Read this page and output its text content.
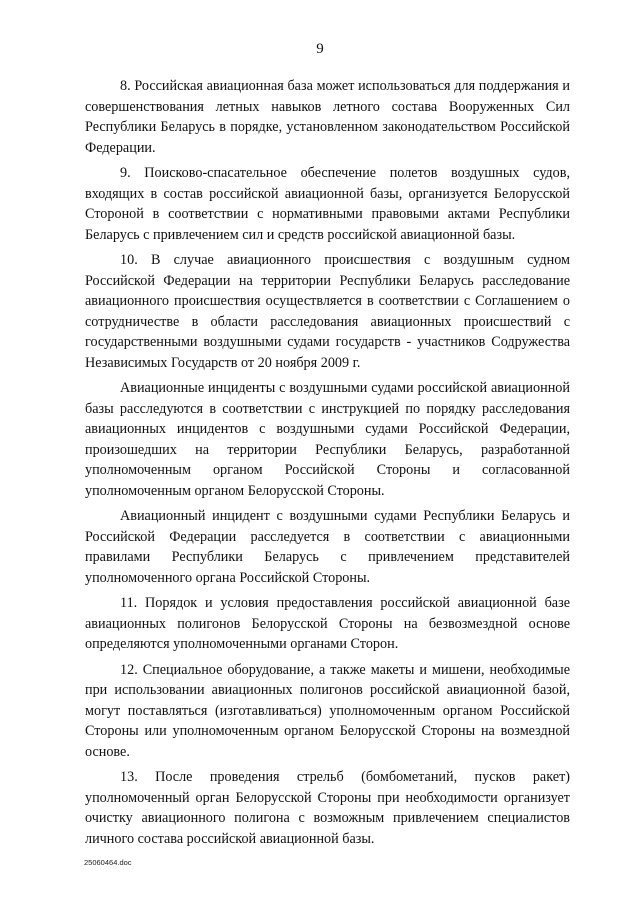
9

8. Российская авиационная база может использоваться для поддержания и совершенствования летных навыков летного состава Вооруженных Сил Республики Беларусь в порядке, установленном законодательством Российской Федерации.

9. Поисково-спасательное обеспечение полетов воздушных судов, входящих в состав российской авиационной базы, организуется Белорусской Стороной в соответствии с нормативными правовыми актами Республики Беларусь с привлечением сил и средств российской авиационной базы.

10. В случае авиационного происшествия с воздушным судном Российской Федерации на территории Республики Беларусь расследование авиационного происшествия осуществляется в соответствии с Соглашением о сотрудничестве в области расследования авиационных происшествий с государственными воздушными судами государств - участников Содружества Независимых Государств от 20 ноября 2009 г.

Авиационные инциденты с воздушными судами российской авиационной базы расследуются в соответствии с инструкцией по порядку расследования авиационных инцидентов с воздушными судами Российской Федерации, произошедших на территории Республики Беларусь, разработанной уполномоченным органом Российской Стороны и согласованной уполномоченным органом Белорусской Стороны.

Авиационный инцидент с воздушными судами Республики Беларусь и Российской Федерации расследуется в соответствии с авиационными правилами Республики Беларусь с привлечением представителей уполномоченного органа Российской Стороны.

11. Порядок и условия предоставления российской авиационной базе авиационных полигонов Белорусской Стороны на безвозмездной основе определяются уполномоченными органами Сторон.

12. Специальное оборудование, а также макеты и мишени, необходимые при использовании авиационных полигонов российской авиационной базой, могут поставляться (изготавливаться) уполномоченным органом Российской Стороны или уполномоченным органом Белорусской Стороны на возмездной основе.

13. После проведения стрельб (бомбометаний, пусков ракет) уполномоченный орган Белорусской Стороны при необходимости организует очистку авиационного полигона с возможным привлечением специалистов личного состава российской авиационной базы.

25060464.doc
